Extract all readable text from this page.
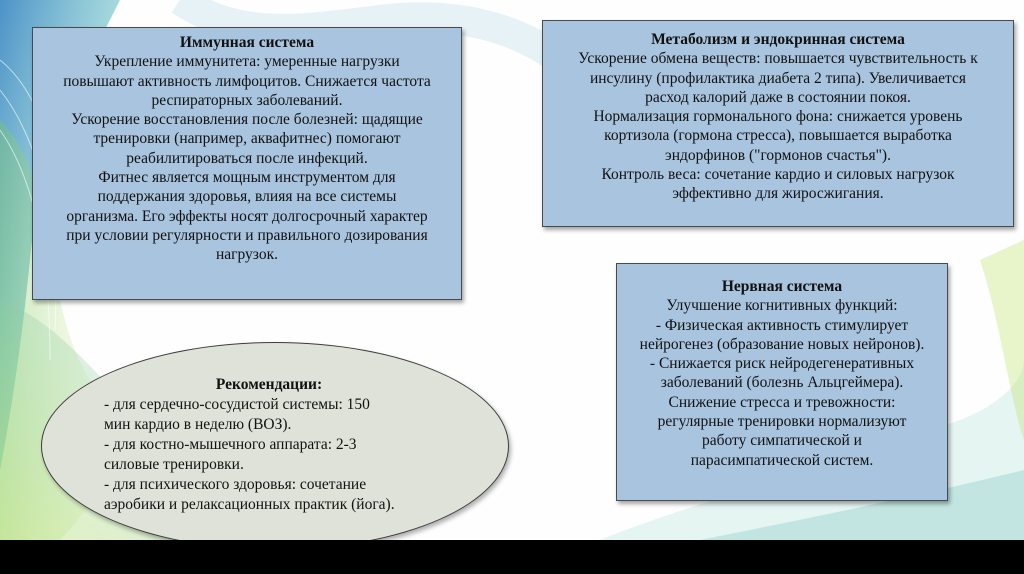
Иммунная система
Укрепление иммунитета: умеренные нагрузки
повышают активность лимфоцитов. Снижается частота
респираторных заболеваний.
Ускорение восстановления после болезней: щадящие
тренировки (например, аквафитнес) помогают
реабилитироваться после инфекций.
Фитнес является мощным инструментом для
поддержания здоровья, влияя на все системы
организма. Его эффекты носят долгосрочный характер
при условии регулярности и правильного дозирования
нагрузок.
Метаболизм и эндокринная система
Ускорение обмена веществ: повышается чувствительность к
инсулину (профилактика диабета 2 типа). Увеличивается
расход калорий даже в состоянии покоя.
Нормализация гормонального фона: снижается уровень
кортизола (гормона стресса), повышается выработка
эндорфинов ("гормонов счастья").
Контроль веса: сочетание кардио и силовых нагрузок
эффективно для жиросжигания.
Нервная система
Улучшение когнитивных функций:
- Физическая активность стимулирует
нейрогенез (образование новых нейронов).
- Снижается риск нейродегенеративных
заболеваний (болезнь Альцгеймера).
Снижение стресса и тревожности:
регулярные тренировки нормализуют
работу симпатической и
парасимпатической систем.
Рекомендации:
- для сердечно-сосудистой системы: 150
мин кардио в неделю (ВОЗ).
- для костно-мышечного аппарата: 2-3
силовые тренировки.
- для психического здоровья: сочетание
аэробики и релаксационных практик (йога).
